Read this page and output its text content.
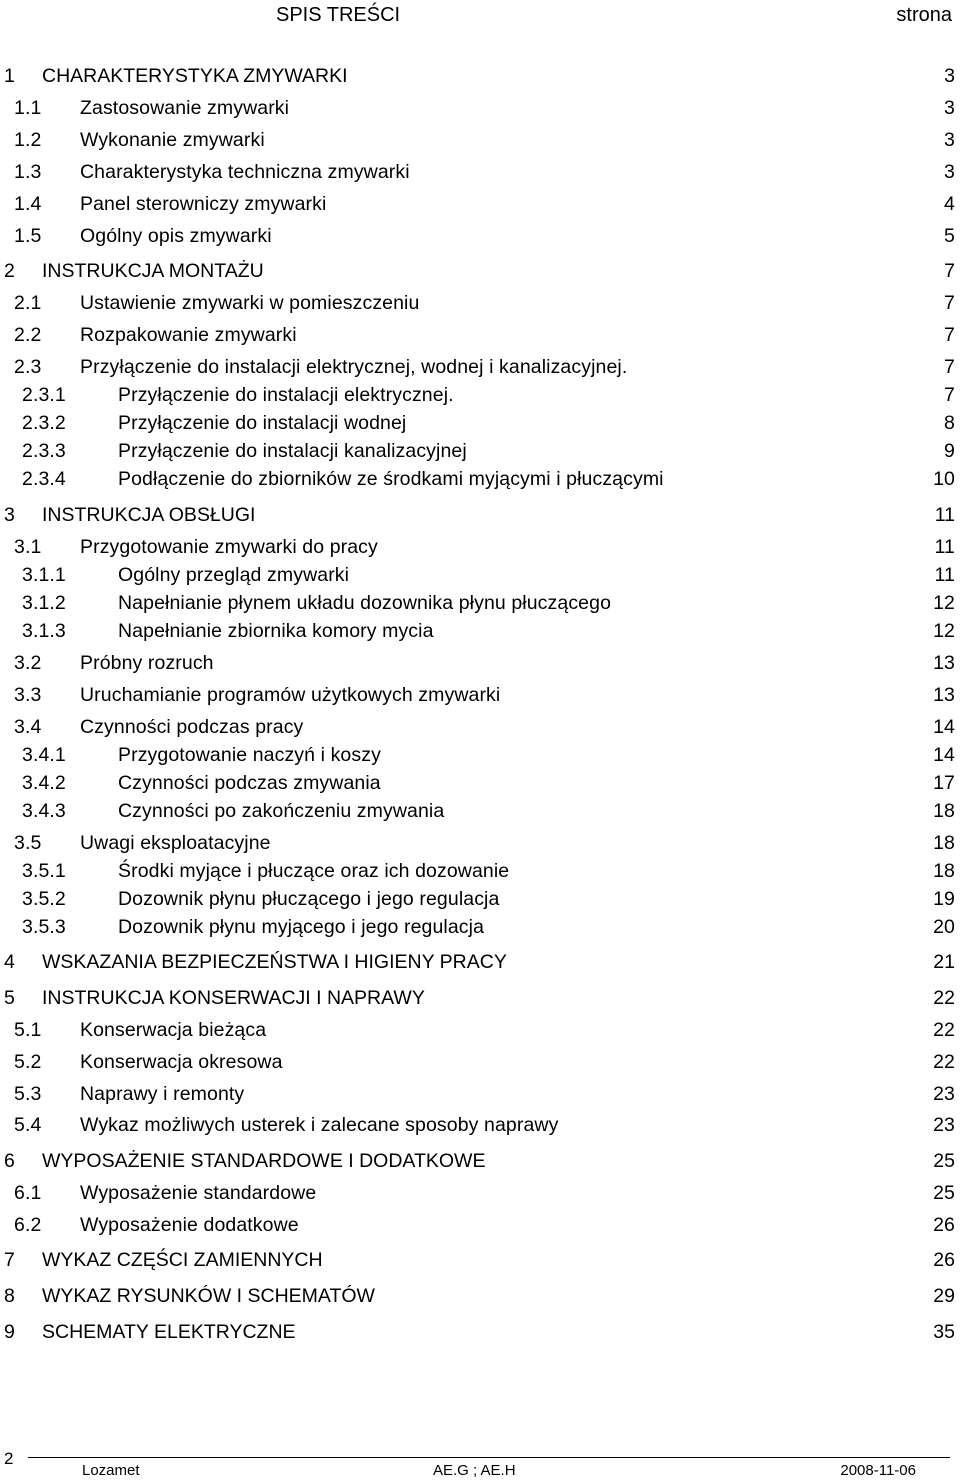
SPIS TREŚCI	strona
1 CHARAKTERYSTYKA ZMYWARKI	3
1.1 Zastosowanie zmywarki	3
1.2 Wykonanie zmywarki	3
1.3 Charakterystyka techniczna zmywarki	3
1.4 Panel sterowniczy zmywarki	4
1.5 Ogólny opis zmywarki	5
2 INSTRUKCJA MONTAŻU	7
2.1 Ustawienie zmywarki w pomieszczeniu	7
2.2 Rozpakowanie zmywarki	7
2.3 Przyłączenie do instalacji elektrycznej, wodnej i kanalizacyjnej.	7
2.3.1	Przyłączenie do instalacji elektrycznej.	7
2.3.2	Przyłączenie do instalacji wodnej	8
2.3.3	Przyłączenie do instalacji kanalizacyjnej	9
2.3.4	Podłączenie do zbiorników ze środkami myjącymi i płuczącymi	10
3 INSTRUKCJA OBSŁUGI	11
3.1 Przygotowanie zmywarki do pracy	11
3.1.1	Ogólny przegląd zmywarki	11
3.1.2	Napełnianie płynem układu dozownika płynu płuczącego	12
3.1.3	Napełnianie zbiornika komory mycia	12
3.2 Próbny rozruch	13
3.3 Uruchamianie programów użytkowych zmywarki	13
3.4 Czynności podczas pracy	14
3.4.1	Przygotowanie naczyń i koszy	14
3.4.2	Czynności podczas zmywania	17
3.4.3	Czynności po zakończeniu zmywania	18
3.5 Uwagi eksploatacyjne	18
3.5.1	Środki myjące i płuczące oraz ich dozowanie	18
3.5.2	Dozownik płynu płuczącego i jego regulacja	19
3.5.3	Dozownik płynu myjącego i jego regulacja	20
4 WSKAZANIA BEZPIECZEŃSTWA I HIGIENY PRACY	21
5 INSTRUKCJA KONSERWACJI I NAPRAWY	22
5.1 Konserwacja bieżąca	22
5.2 Konserwacja okresowa	22
5.3 Naprawy i remonty	23
5.4 Wykaz możliwych usterek i zalecane sposoby naprawy	23
6 WYPOSAŻENIE STANDARDOWE I DODATKOWE	25
6.1 Wyposażenie standardowe	25
6.2 Wyposażenie dodatkowe	26
7 WYKAZ CZĘŚCI ZAMIENNYCH	26
8 WYKAZ RYSUNKÓW I SCHEMATÓW	29
9 SCHEMATY ELEKTRYCZNE	35
2
Lozamet	AE.G ; AE.H	2008-11-06
